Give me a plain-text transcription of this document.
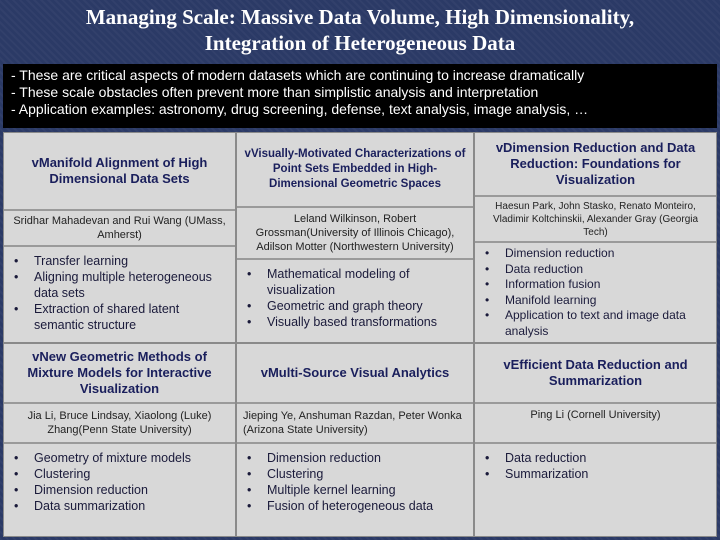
Managing Scale: Massive Data Volume, High Dimensionality,
Integration of Heterogeneous Data
- These are critical aspects of modern datasets which are continuing to increase dramatically
- These scale obstacles often prevent more than simplistic analysis and interpretation
- Application examples: astronomy, drug screening, defense, text analysis, image analysis, …
vManifold Alignment of High Dimensional Data Sets
Sridhar Mahadevan and Rui Wang (UMass, Amherst)
• Transfer learning
• Aligning multiple heterogeneous data sets
• Extraction of shared latent semantic structure
vVisually-Motivated Characterizations of Point Sets Embedded in High-Dimensional Geometric Spaces
Leland Wilkinson, Robert Grossman(University of Illinois Chicago), Adilson Motter (Northwestern University)
• Mathematical modeling of visualization
• Geometric and graph theory
• Visually based transformations
vDimension Reduction and Data Reduction: Foundations for Visualization
Haesun Park, John Stasko, Renato Monteiro, Vladimir Koltchinskii, Alexander Gray (Georgia Tech)
• Dimension reduction
• Data reduction
• Information fusion
• Manifold learning
• Application to text and image data analysis
vNew Geometric Methods of Mixture Models for Interactive Visualization
Jia Li, Bruce Lindsay, Xiaolong (Luke) Zhang(Penn State University)
• Geometry of mixture models
• Clustering
• Dimension reduction
• Data summarization
vMulti-Source Visual Analytics
Jieping Ye, Anshuman Razdan, Peter Wonka (Arizona State University)
• Dimension reduction
• Clustering
• Multiple kernel learning
• Fusion of heterogeneous data
vEfficient Data Reduction and Summarization
Ping Li (Cornell University)
• Data reduction
• Summarization
